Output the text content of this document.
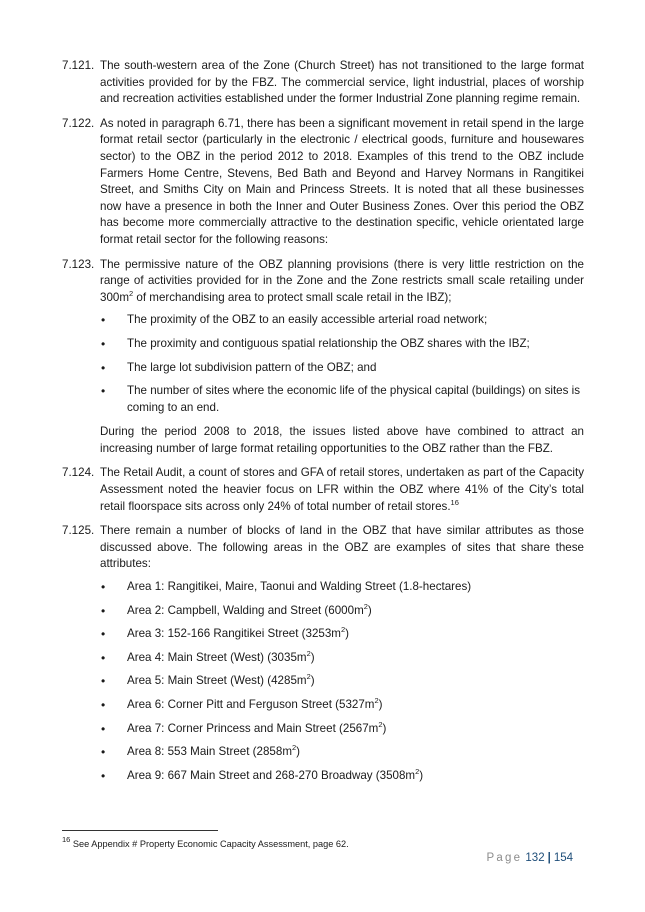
7.121. The south-western area of the Zone (Church Street) has not transitioned to the large format activities provided for by the FBZ. The commercial service, light industrial, places of worship and recreation activities established under the former Industrial Zone planning regime remain.
7.122. As noted in paragraph 6.71, there has been a significant movement in retail spend in the large format retail sector (particularly in the electronic / electrical goods, furniture and housewares sector) to the OBZ in the period 2012 to 2018. Examples of this trend to the OBZ include Farmers Home Centre, Stevens, Bed Bath and Beyond and Harvey Normans in Rangitikei Street, and Smiths City on Main and Princess Streets. It is noted that all these businesses now have a presence in both the Inner and Outer Business Zones. Over this period the OBZ has become more commercially attractive to the destination specific, vehicle orientated large format retail sector for the following reasons:
7.123. The permissive nature of the OBZ planning provisions (there is very little restriction on the range of activities provided for in the Zone and the Zone restricts small scale retailing under $300m^2$ of merchandising area to protect small scale retail in the IBZ);
• The proximity of the OBZ to an easily accessible arterial road network;
• The proximity and contiguous spatial relationship the OBZ shares with the IBZ;
• The large lot subdivision pattern of the OBZ; and
• The number of sites where the economic life of the physical capital (buildings) on sites is coming to an end.
During the period 2008 to 2018, the issues listed above have combined to attract an increasing number of large format retailing opportunities to the OBZ rather than the FBZ.
7.124. The Retail Audit, a count of stores and GFA of retail stores, undertaken as part of the Capacity Assessment noted the heavier focus on LFR within the OBZ where 41% of the City’s total retail floorspace sits across only 24% of total number of retail stores.$^{16}$
7.125. There remain a number of blocks of land in the OBZ that have similar attributes as those discussed above. The following areas in the OBZ are examples of sites that share these attributes:
• Area 1: Rangitikei, Maire, Taonui and Walding Street (1.8-hectares)
• Area 2: Campbell, Walding and Street $(6000m^2)$
• Area 3: 152-166 Rangitikei Street $(3253m^2)$
• Area 4: Main Street (West) $(3035m^2)$
• Area 5: Main Street (West) $(4285m^2)$
• Area 6: Corner Pitt and Ferguson Street $(5327m^2)$
• Area 7: Corner Princess and Main Street $(2567m^2)$
• Area 8: 553 Main Street $(2858m^2)$
• Area 9: 667 Main Street and 268-270 Broadway $(3508m^2)$
$^{16}$ See Appendix # Property Economic Capacity Assessment, page 62.
Page 132 | 154
